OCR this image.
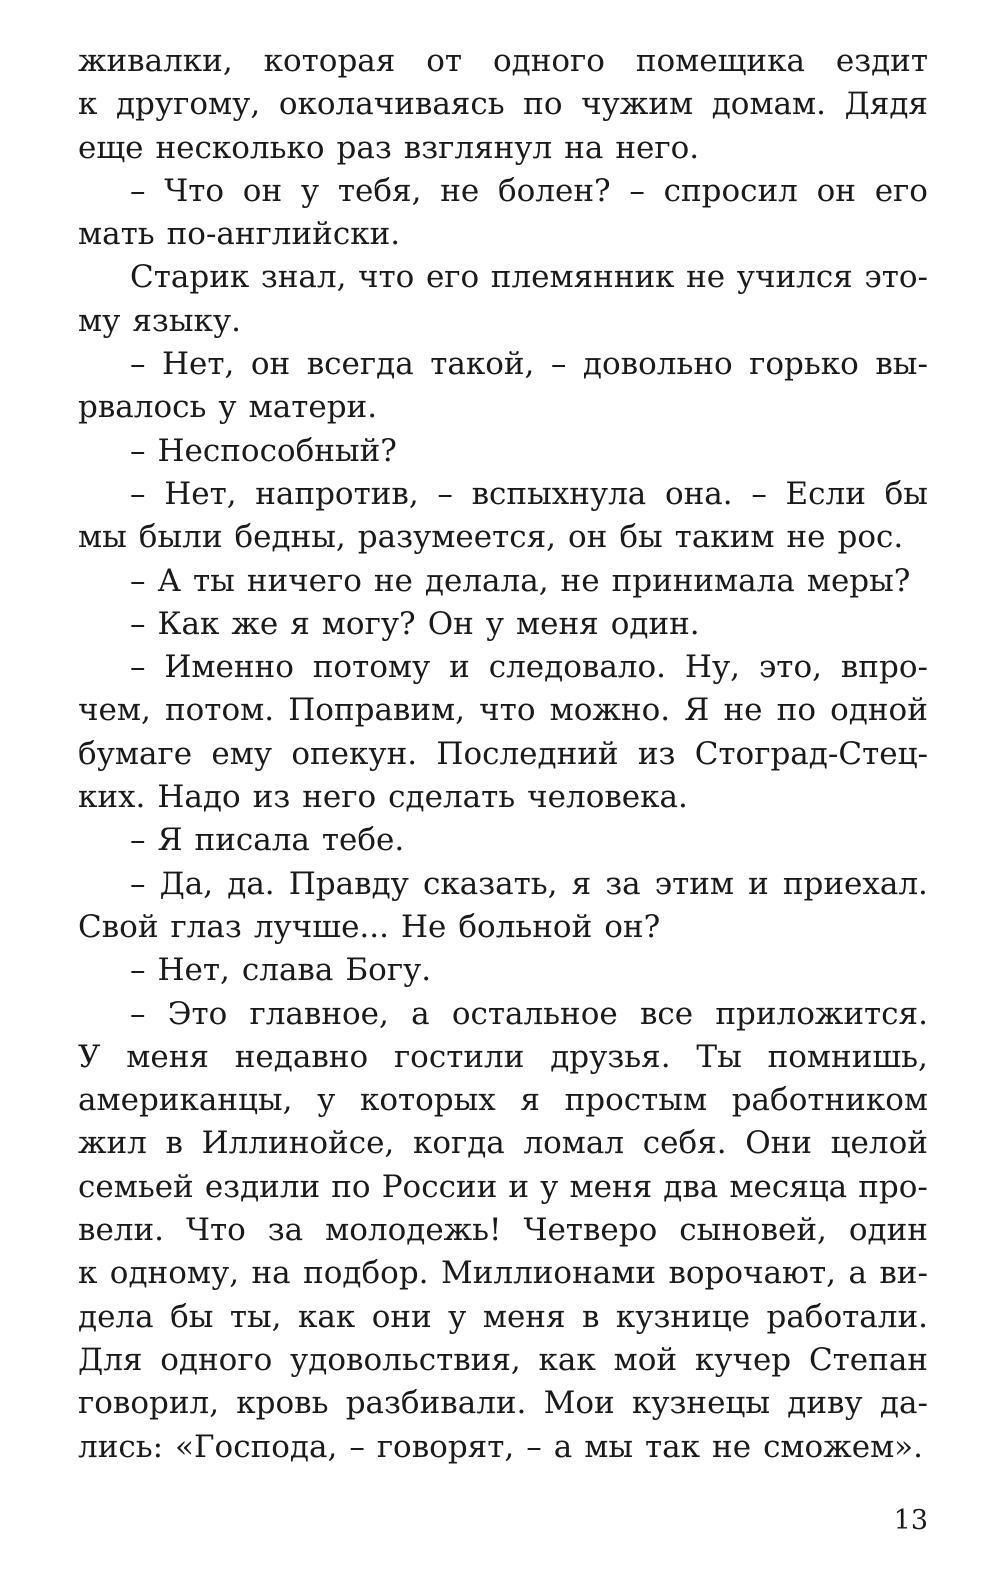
живалки, которая от одного помещика ездит
к другому, околачиваясь по чужим домам. Дядя
еще несколько раз взглянул на него.
– Что он у тебя, не болен? – спросил он его
мать по-английски.
Старик знал, что его племянник не учился это-
му языку.
– Нет, он всегда такой, – довольно горько вы-
рвалось у матери.
– Неспособный?
– Нет, напротив, – вспыхнула она. – Если бы
мы были бедны, разумеется, он бы таким не рос.
– А ты ничего не делала, не принимала меры?
– Как же я могу? Он у меня один.
– Именно потому и следовало. Ну, это, впро-
чем, потом. Поправим, что можно. Я не по одной
бумаге ему опекун. Последний из Стоград-Стец-
ких. Надо из него сделать человека.
– Я писала тебе.
– Да, да. Правду сказать, я за этим и приехал.
Свой глаз лучше... Не больной он?
– Нет, слава Богу.
– Это главное, а остальное все приложится.
У меня недавно гостили друзья. Ты помнишь,
американцы, у которых я простым работником
жил в Иллинойсе, когда ломал себя. Они целой
семьей ездили по России и у меня два месяца про-
вели. Что за молодежь! Четверо сыновей, один
к одному, на подбор. Миллионами ворочают, а ви-
дела бы ты, как они у меня в кузнице работали.
Для одного удовольствия, как мой кучер Степан
говорил, кровь разбивали. Мои кузнецы диву да-
лись: «Господа, – говорят, – а мы так не сможем».
13
